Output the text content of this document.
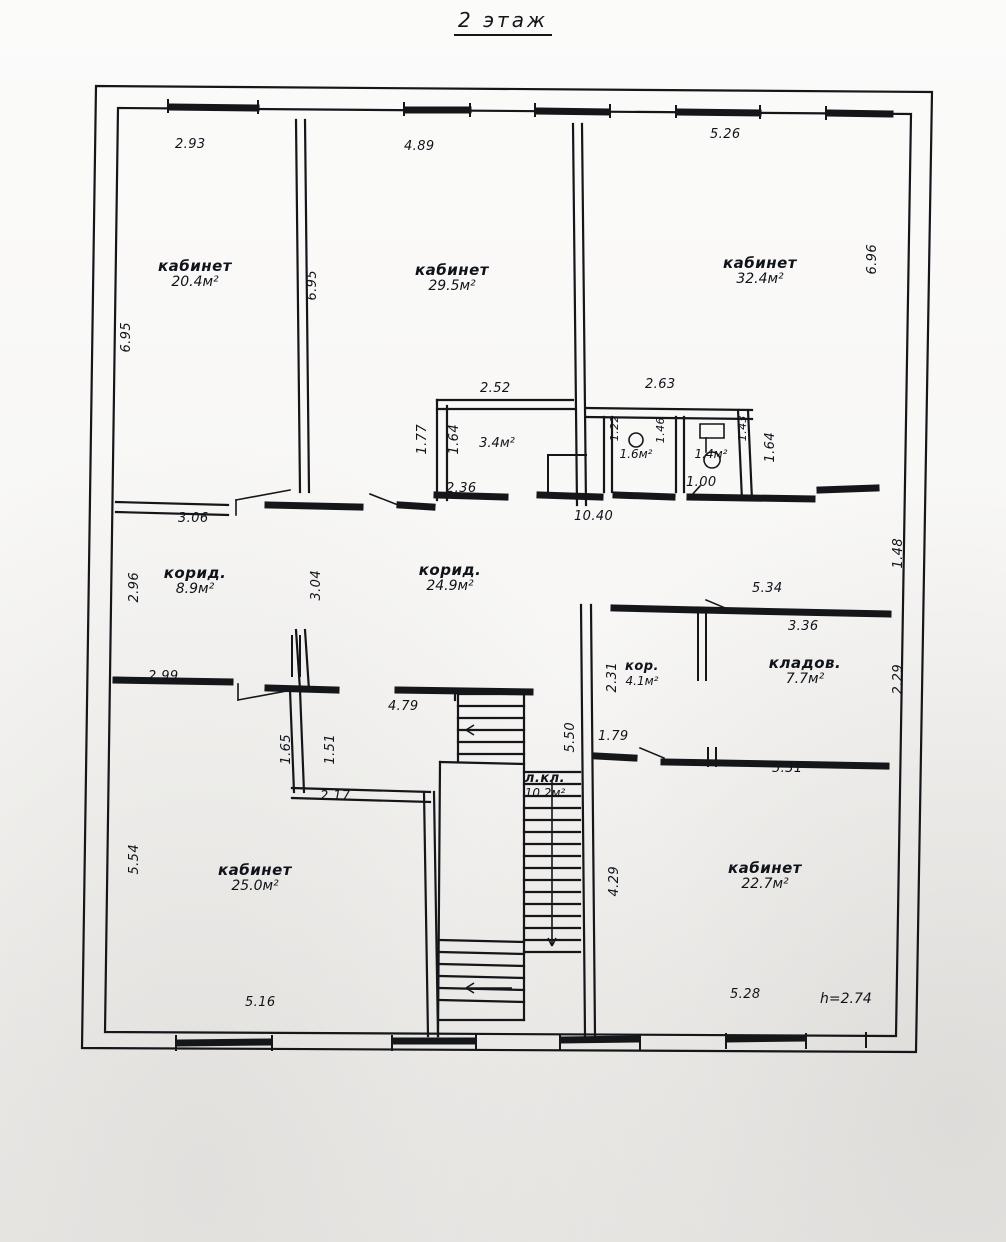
2 этаж
кабинет
20.4м²
кабинет
29.5м²
кабинет
32.4м²
3.4м²
1.6м²	1.4м²
корид.
8.9м²
корид.
24.9м²
кор.
4.1м²
кладов.
7.7м²
л.кл.
10.2м²
кабинет
25.0м²
кабинет
22.7м²
2.93	4.89
5.26
3.06
2.99
2.52
2.36
2.63
1.00
10.40
5.34
3.36
1.79
5.31
4.79
2.17
5.16
5.28	h=2.74
6.95
6.95
6.96
2.96	3.04
1.77 1.64	1.22	1.46	1.43
1.64
1.48
2.29
2.31
5.50
4.29
1.65 1.51
5.54
